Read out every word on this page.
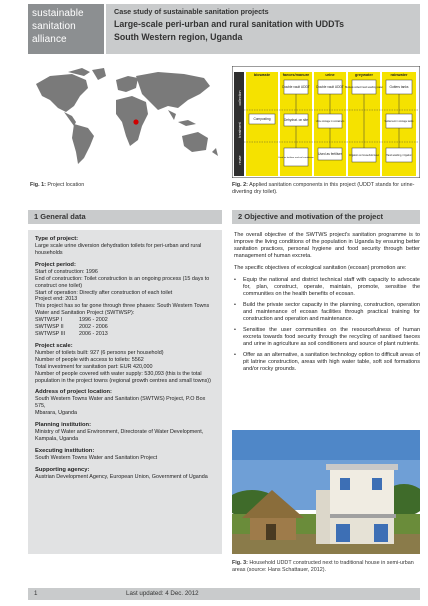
sustainable
sanitation
alliance
Case study of sustainable sanitation projects
Large-scale peri-urban and rural sanitation with UDDTs
South Western region, Uganda
collection
treatment
reuse
biowaste	faeces/manure	urine	greywater	rainwater
Double vault UDDT Double vault UDDT Buckets collect hand washing water Gutters tanks
Composting	Dehydrat. on site	Urine storage in containers	Settlement in storage tanks
Used as fertiliser and soil conditioner
Used as fertiliser	Irrigation on household level	Hand washing, irrigation
Fig. 1: Project location	Fig. 2: Applied sanitation components in this project (UDDT stands for urine-diverting dry toilet).
1 General data	2 Objective and motivation of the project
Type of project:
Large scale urine diversion dehydration toilets for peri-urban and rural households
Project period:
Start of construction: 1996
End of construction: Toilet construction is an ongoing process (15 days to construct one toilet)
Start of operation: Directly after construction of each toilet
Project end: 2013
This project has so far gone through three phases: South Western Towns Water and Sanitation Project (SWTWSP):
SWTWSP I	1996 - 2002
SWTWSP II	2002 - 2006
SWTWSP III	2006 - 2013
Project scale:
Number of toilets built: 927 (6 persons per household)
Number of people with access to toilets: 5562
Total investment for sanitation part: EUR 420,000
Number of people covered with water supply: 530,093 (this is the total population in the project towns (regional growth centres and small towns))
Address of project location:
South Western Towns Water and Sanitation (SWTWS) Project, P.O Box 575,
Mbarara, Uganda
Planning institution:
Ministry of Water and Environment, Directorate of Water Development, Kampala, Uganda
Executing institution:
South Western Towns Water and Sanitation Project
Supporting agency:
Austrian Development Agency, European Union, Government of Uganda

The overall objective of the SWTWS project's sanitation programme is to improve the living conditions of the population in Uganda by ensuring better sanitation practices, personal hygiene and food security through better management of human excreta.

The specific objectives of ecological sanitation (ecosan) promotion are:

•	Equip the national and district technical staff with capacity to advocate for, plan, construct, operate, maintain, promote, sensitise the communities on the health benefits of ecosan.
•	Build the private sector capacity in the planning, construction, operation and maintenance of ecosan facilities through practical training for construction and operation and maintenance.
•	Sensitise the user communities on the resourcefulness of human excreta towards food security through the recycling of sanitised faeces and urine in agriculture as soil conditioners and source of plant nutrients.
•	Offer as an alternative, a sanitation technology option to difficult areas of pit latrine construction, areas with high water table, soft soil formations and/or rocky grounds.
Fig. 3: Household UDDT constructed next to traditional house in semi-urban areas (source: Hans Schattauer, 2012).
1	Last updated: 4 Dec. 2012
